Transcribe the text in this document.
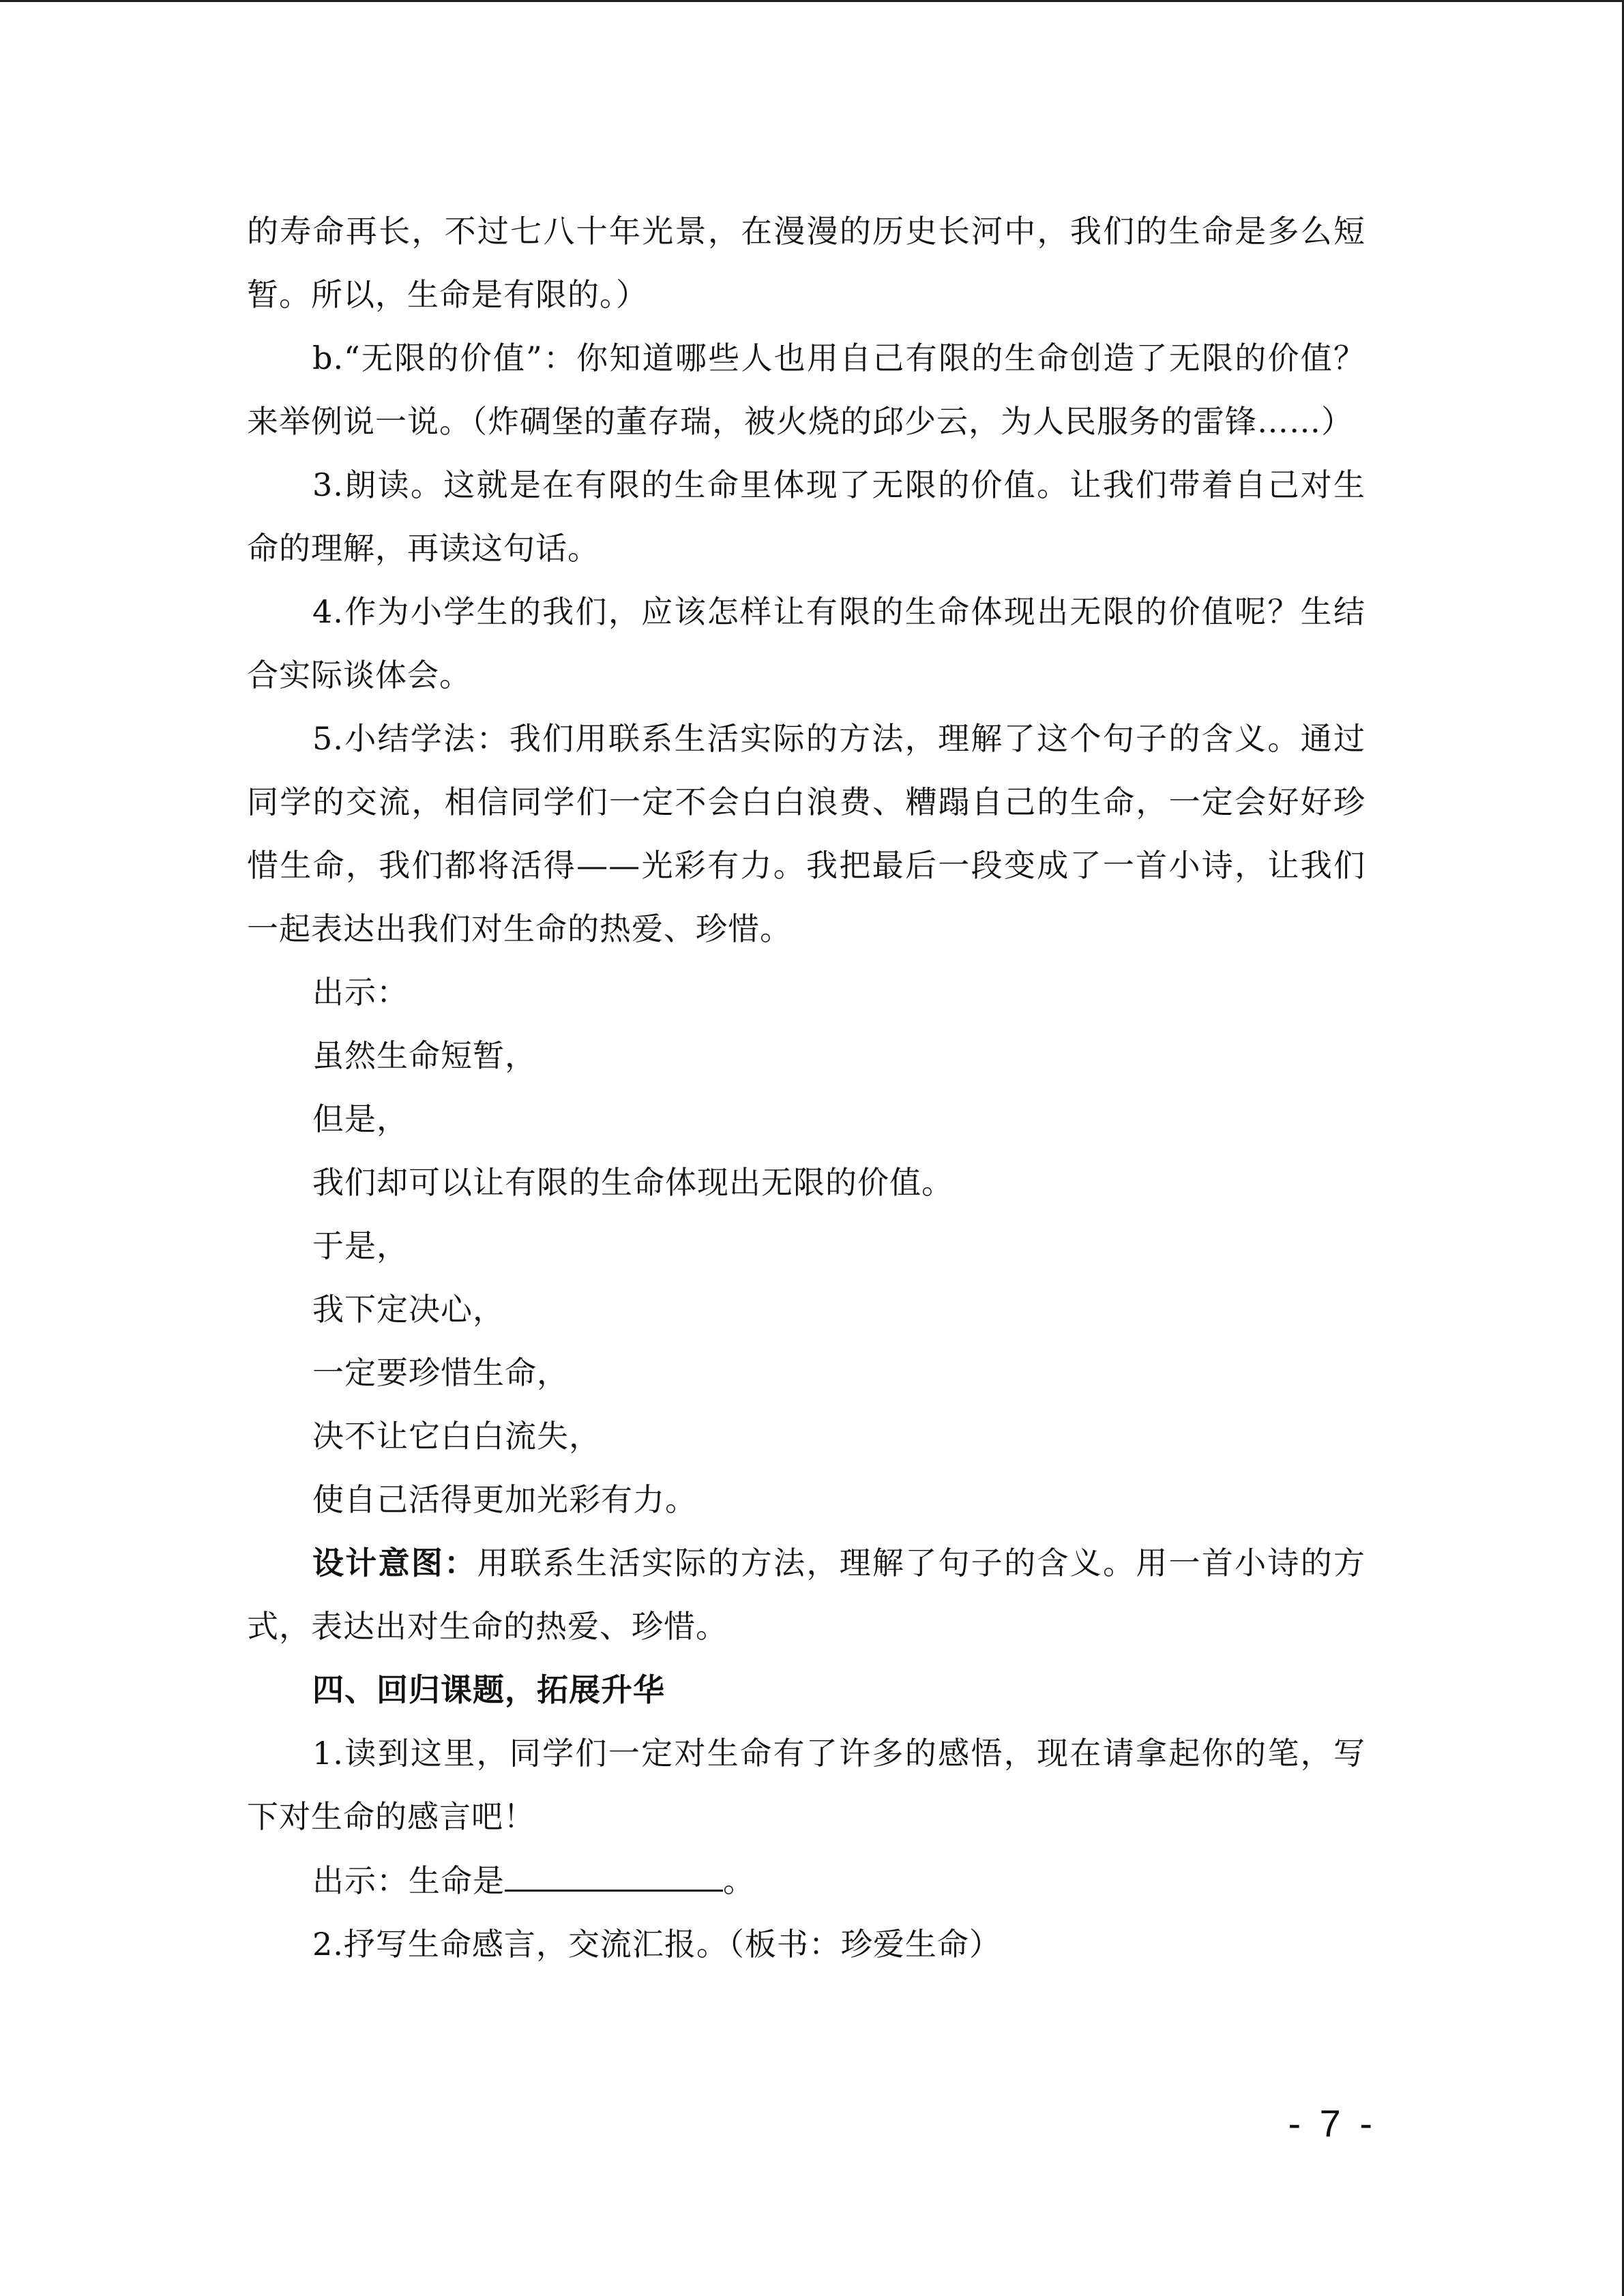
的寿命再长，不过七八十年光景，在漫漫的历史长河中，我们的生命是多么短暂。所以，生命是有限的。）

b.“无限的价值”：你知道哪些人也用自己有限的生命创造了无限的价值？来举例说一说。（炸碉堡的董存瑞，被火烧的邱少云，为人民服务的雷锋……）

3.朗读。这就是在有限的生命里体现了无限的价值。让我们带着自己对生命的理解，再读这句话。

4.作为小学生的我们，应该怎样让有限的生命体现出无限的价值呢？生结合实际谈体会。

5.小结学法：我们用联系生活实际的方法，理解了这个句子的含义。通过同学的交流，相信同学们一定不会白白浪费、糟蹋自己的生命，一定会好好珍惜生命，我们都将活得——光彩有力。我把最后一段变成了一首小诗，让我们一起表达出我们对生命的热爱、珍惜。

出示：

虽然生命短暂，

但是，

我们却可以让有限的生命体现出无限的价值。

于是，

我下定决心，

一定要珍惜生命，

决不让它白白流失，

使自己活得更加光彩有力。

设计意图：用联系生活实际的方法，理解了句子的含义。用一首小诗的方式，表达出对生命的热爱、珍惜。

四、回归课题，拓展升华

1.读到这里，同学们一定对生命有了许多的感悟，现在请拿起你的笔，写下对生命的感言吧！

出示：生命是	。

2.抒写生命感言，交流汇报。（板书：珍爱生命）

- 7 -
